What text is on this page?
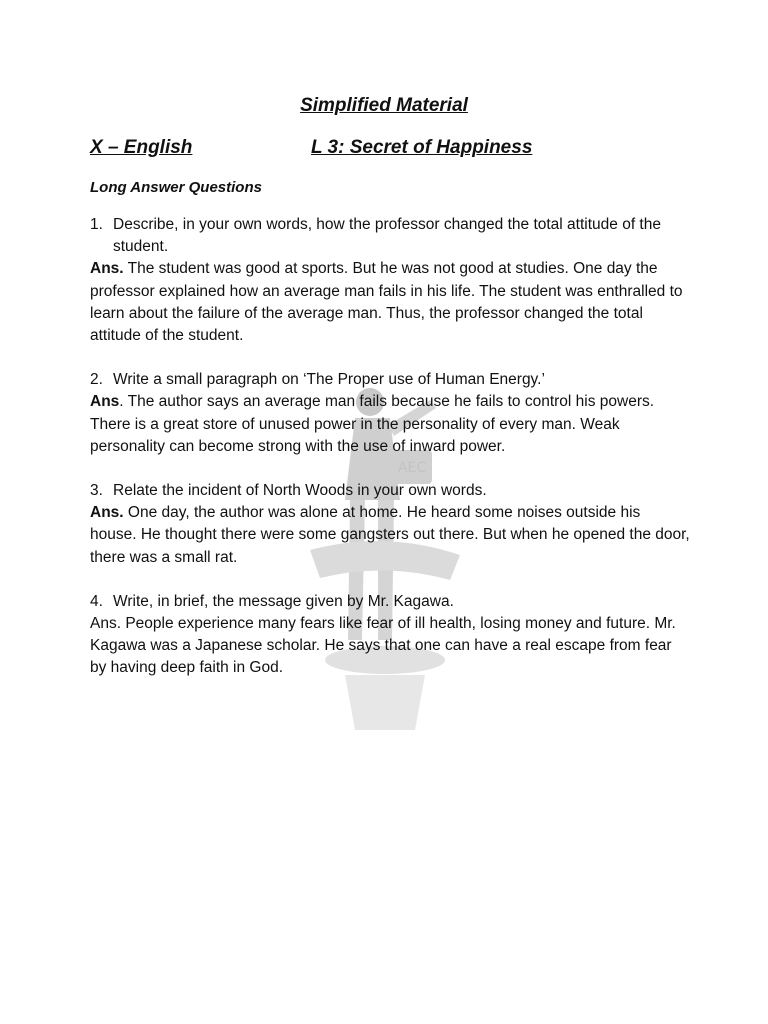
AEC
Simplified Material
X – English	L 3: Secret of Happiness
Long Answer Questions
1. Describe, in your own words, how the professor changed the total attitude of the student.
Ans. The student was good at sports. But he was not good at studies. One day the professor explained how an average man fails in his life. The student was enthralled to learn about the failure of the average man. Thus, the professor changed the total attitude of the student.
2. Write a small paragraph on ‘The Proper use of Human Energy.’
Ans. The author says an average man fails because he fails to control his powers. There is a great store of unused power in the personality of every man. Weak personality can become strong with the use of inward power.
3. Relate the incident of North Woods in your own words.
Ans. One day, the author was alone at home. He heard some noises outside his house. He thought there were some gangsters out there. But when he opened the door, there was a small rat.
4. Write, in brief, the message given by Mr. Kagawa.
Ans. People experience many fears like fear of ill health, losing money and future. Mr. Kagawa was a Japanese scholar. He says that one can have a real escape from fear by having deep faith in God.
